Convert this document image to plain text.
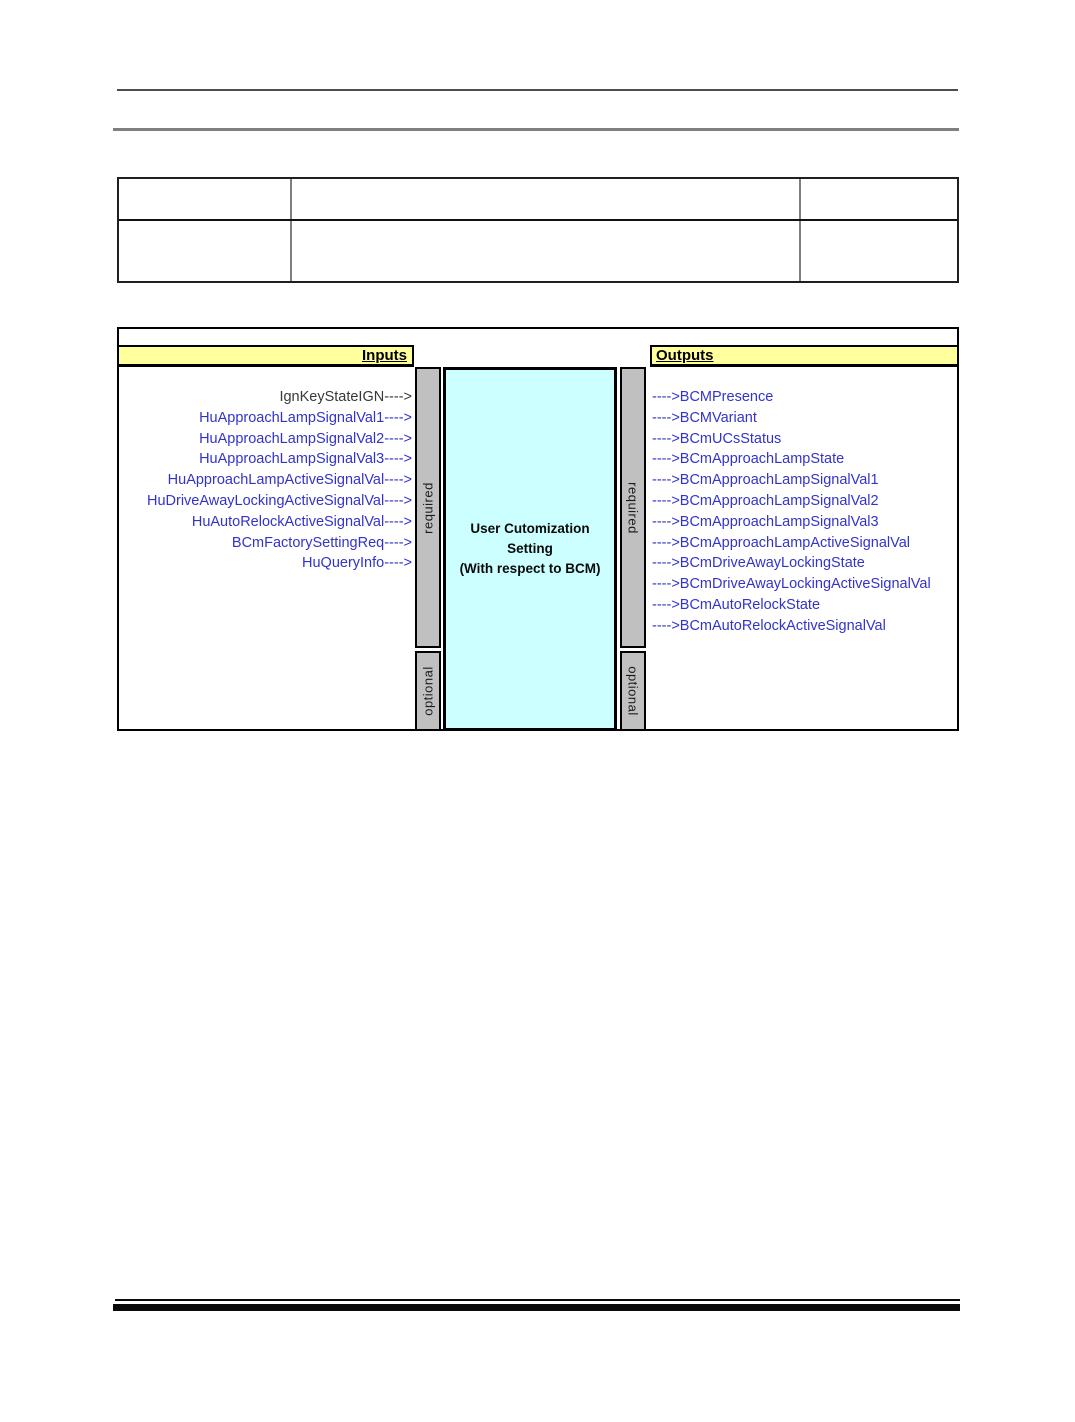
Inputs	Outputs
IgnKeyStateIGN---->
HuApproachLampSignalVal1---->
HuApproachLampSignalVal2---->
HuApproachLampSignalVal3---->
HuApproachLampActiveSignalVal---->
HuDriveAwayLockingActiveSignalVal---->
HuAutoRelockActiveSignalVal---->
BCmFactorySettingReq---->
HuQueryInfo---->
required
optional
User Cutomization
Setting
(With respect to BCM)
required
optional
---->BCMPresence
---->BCMVariant
---->BCmUCsStatus
---->BCmApproachLampState
---->BCmApproachLampSignalVal1
---->BCmApproachLampSignalVal2
---->BCmApproachLampSignalVal3
---->BCmApproachLampActiveSignalVal
---->BCmDriveAwayLockingState
---->BCmDriveAwayLockingActiveSignalVal
---->BCmAutoRelockState
---->BCmAutoRelockActiveSignalVal
